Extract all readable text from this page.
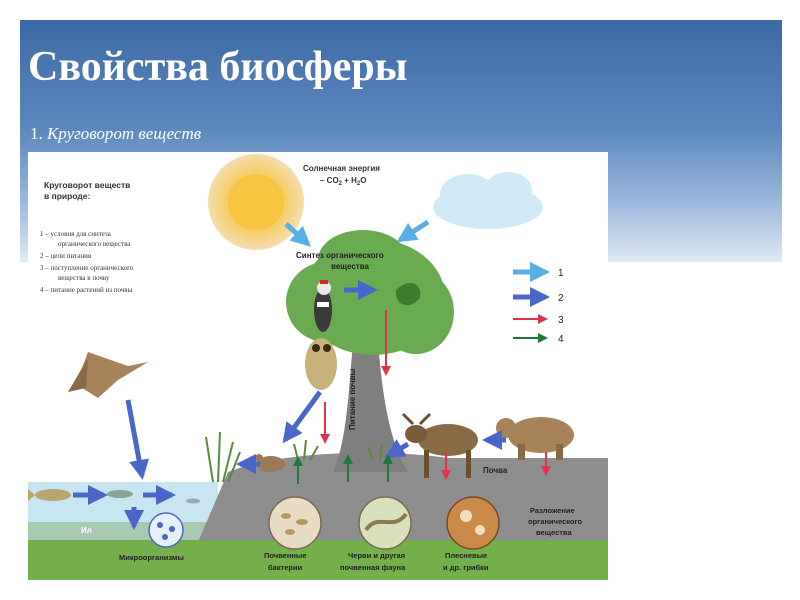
Свойства биосферы
1. Круговорот веществ
1
2
3
4
Круговорот веществ
в природе:
1 – условия для синтеза
органического вещества
2 – цепи питания
3 – поступление органического
вещества в почву
4 – питание растений из почвы
Солнечная энергия
– $CO_2 + H_2O$
Синтез органического
вещества
Питание почвы
Почва
Ил
Разложение
органического
вещества
Микроорганизмы	Почвенные
бактерии
Черви и другая
почвенная фауна
Плесневые
и др. грибки
